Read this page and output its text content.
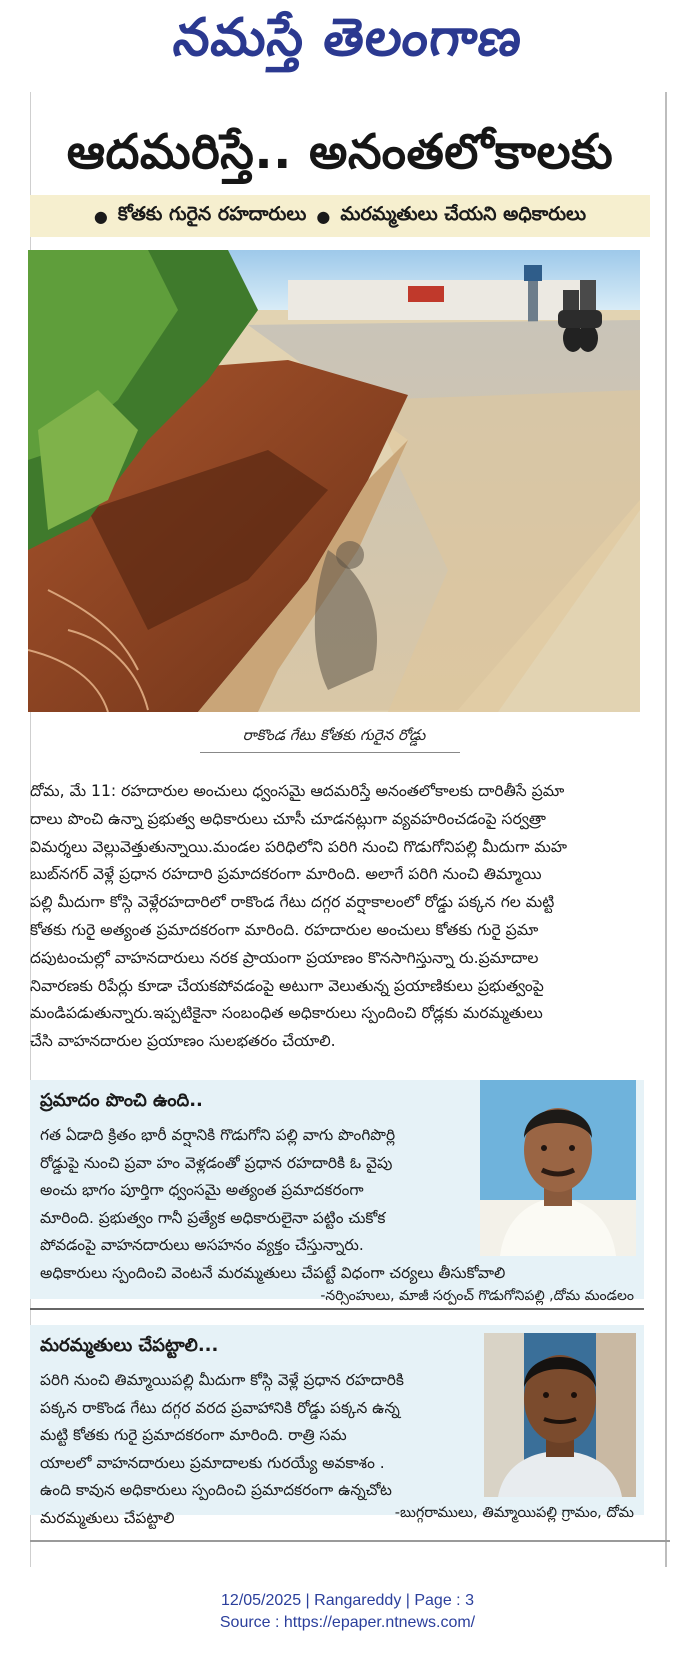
నమస్తే తెలంగాణ
ఆదమరిస్తే.. అనంతలోకాలకు
● కోతకు గురైన రహదారులు ● మరమ్మతులు చేయని అధికారులు
రాకొండ గేటు కోతకు గురైన రోడ్డు
దోమ, మే 11: రహదారుల అంచులు ధ్వంసమై ఆదమరిస్తే అనంతలోకాలకు దారితీసే ప్రమా
దాలు పొంచి ఉన్నా ప్రభుత్వ అధికారులు చూసీ చూడనట్లుగా వ్యవహరించడంపై సర్వత్రా
విమర్శలు వెల్లువెత్తుతున్నాయి.మండల పరిధిలోని పరిగి నుంచి గొడుగోనిపల్లి మీదుగా మహ
బుబ్‌నగర్ వెళ్లే ప్రధాన రహదారి ప్రమాదకరంగా మారింది. అలాగే పరిగి నుంచి తిమ్మాయి
పల్లి మీదుగా కోస్గి వెళ్లేరహదారిలో రాకొండ గేటు దగ్గర వర్షాకాలంలో రోడ్డు పక్కన గల మట్టి
కోతకు గురై అత్యంత ప్రమాదకరంగా మారింది. రహదారుల అంచులు కోతకు గురై ప్రమా
దపుటంచుల్లో వాహనదారులు నరక ప్రాయంగా ప్రయాణం కొనసాగిస్తున్నా రు.ప్రమాదాల
నివారణకు రిపేర్లు కూడా చేయకపోవడంపై అటుగా వెలుతున్న ప్రయాణికులు ప్రభుత్వంపై
మండిపడుతున్నారు.ఇప్పటికైనా సంబంధిత అధికారులు స్పందించి రోడ్లకు మరమ్మతులు
చేసి వాహనదారుల ప్రయాణం సులభతరం చేయాలి.
ప్రమాదం పొంచి ఉంది..
గత ఏడాది క్రితం భారీ వర్షానికి గొడుగోని పల్లి వాగు పొంగిపొర్లి
రోడ్డుపై నుంచి ప్రవా హం వెళ్లడంతో ప్రధాన రహదారికి ఓ వైపు
అంచు భాగం పూర్తిగా ధ్వంసమై అత్యంత ప్రమాదకరంగా
మారింది. ప్రభుత్వం గానీ ప్రత్యేక అధికారులైనా పట్టిం చుకోక
పోవడంపై వాహనదారులు అసహనం వ్యక్తం చేస్తున్నారు.
అధికారులు స్పందించి వెంటనే మరమ్మతులు చేపట్టే విధంగా చర్యలు తీసుకోవాలి
-నర్సింహులు, మాజీ సర్పంచ్ గొడుగోనిపల్లి ,దోమ మండలం
మరమ్మతులు చేపట్టాలి...
పరిగి నుంచి తిమ్మాయిపల్లి మీదుగా కోస్గి వెళ్లే ప్రధాన రహదారికి
పక్కన రాకొండ గేటు దగ్గర వరద ప్రవాహానికి రోడ్డు పక్కన ఉన్న
మట్టి కోతకు గురై ప్రమాదకరంగా మారింది. రాత్రి సమ
యాలలో వాహనదారులు ప్రమాదాలకు గురయ్యే అవకాశం .
ఉంది కావున అధికారులు స్పందించి ప్రమాదకరంగా ఉన్నచోట
మరమ్మతులు చేపట్టాలి	-బుగ్గరాములు, తిమ్మాయిపల్లి గ్రామం, దోమ
12/05/2025 | Rangareddy | Page : 3
Source : https://epaper.ntnews.com/
